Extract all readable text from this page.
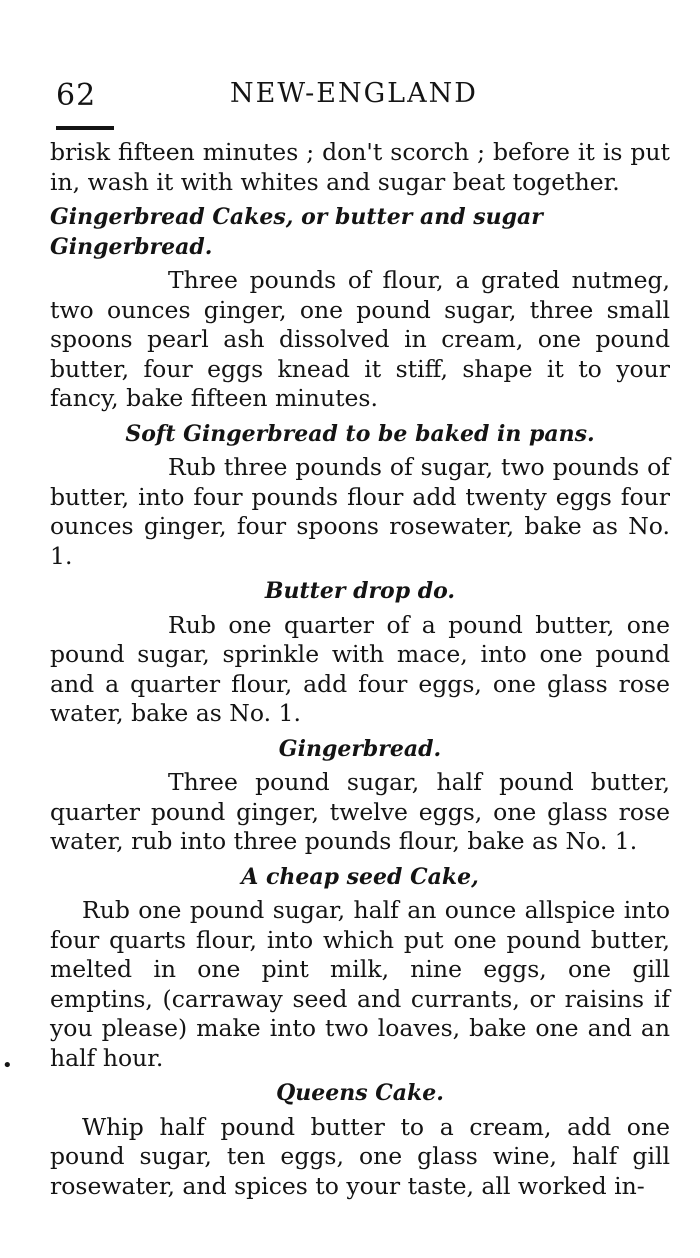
62	NEW-ENGLAND

brisk fifteen minutes ; don't scorch ; before it is put in, wash it with whites and sugar beat together.

Gingerbread Cakes, or butter and sugar Gingerbread.

Three pounds of flour, a grated nutmeg, two ounces ginger, one pound sugar, three small spoons pearl ash dissolved in cream, one pound butter, four eggs knead it stiff, shape it to your fancy, bake fifteen minutes.

Soft Gingerbread to be baked in pans.

Rub three pounds of sugar, two pounds of butter, into four pounds flour add twenty eggs four ounces ginger, four spoons rosewater, bake as No. 1.

Butter drop do.

Rub one quarter of a pound butter, one pound sugar, sprinkle with mace, into one pound and a quarter flour, add four eggs, one glass rose water, bake as No. 1.

Gingerbread.

Three pound sugar, half pound butter, quarter pound ginger, twelve eggs, one glass rose water, rub into three pounds flour, bake as No. 1.

A cheap seed Cake,

Rub one pound sugar, half an ounce allspice into four quarts flour, into which put one pound butter, melted in one pint milk, nine eggs, one gill emptins, (carraway seed and currants, or raisins if you please) make into two loaves, bake one and an half hour.

Queens Cake.

Whip half pound butter to a cream, add one pound sugar, ten eggs, one glass wine, half gill rosewater, and spices to your taste, all worked in-

•
